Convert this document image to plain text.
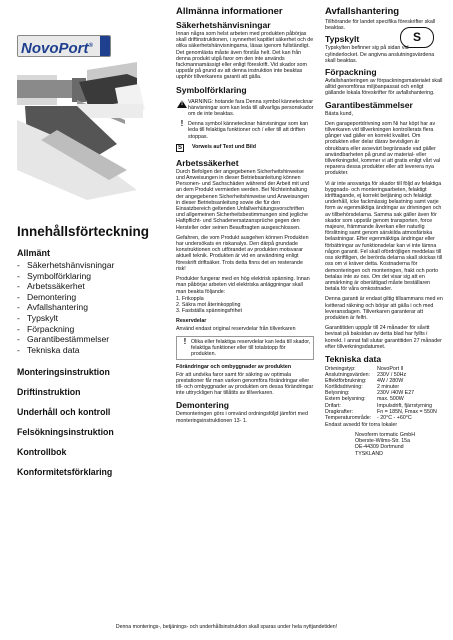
NovoPort®
Innehållsförteckning
Allmänt
- Säkerhetshänvisningar
- Symbolförklaring
- Arbetssäkerhet
- Demontering
- Avfallshantering
- Typskylt
- Förpackning
- Garantibestämmelser
- Tekniska data
Monteringsinstruktion
Driftinstruktion
Underhåll och kontroll
Felsökningsinstruktion
Kontrollbok
Konformitetsförklaring
Allmänna informationer
Säkerhetshänvisningar
Innan några som helst arbeten med produkten påbörjas skall driftinstruktionen, i synnerhet kapitlet säkerhet och de olika säkerhetshänvisningarna, läsas igenom fullständigt. Det genomlästa måste även förstås helt. Det kan från denna produkt utgå faror om den inte används fackmannamässigt eller enligt föreskrift. Vid skador som uppstår på grund av att denna instruktion inte beaktas upphör tillverkarens garanti att gälla.
Symbolförklaring
!
VARNING: hotande fara Denna symbol kännetecknar hänvisningar som kan leda till allvarliga personskador om de inte beaktas.
! Denna symbol kännetecknar hänvisningar som kan leda till felaktiga funktioner och / eller till att driften stoppas.
S	Vorweis auf Text und Bild
Arbetssäkerhet
Durch Befolgen der angegebenen Sicherheitshinweise und Anweisungen in dieser Betriebsanleitung können Personen- und Sachschäden während der Arbeit mit und an dem Produkt vermieden werden. Bei Nichteinhaltung der angegebenen Sicherheitshinweise und Anweisungen in dieser Betriebsanleitung sowie die für den Einsatzbereich geltenden Unfallverhütungsvorschriften und allgemeinen Sicherheitsbestimmungen sind jegliche Haftpflicht- und Schadenersatzansprüche gegen den Hersteller oder seinen Beauftragten ausgeschlossen.
Gefahren, die vom Produkt ausgehen können Produkten har undersökats en riskanalys. Den därpå grundade konstruktionen och utförandet av produkten motsvarar aktuell teknik. Produkten är vid en användning enligt föreskrift driftsäker. Trots detta finns det en resterande risk!
Produkter fungerar med en hög elektrisk spänning. Innan man påbörjar arbeten vid elektriska anläggningar skall man beakta följande:
1. Frikoppla
2. Säkra mot återinkoppling
3. Fastställa spänningsfrihet
Reservdelar
Använd endast original reservdelar från tillverkaren
! Olika eller felaktiga reservdelar kan leda till skador, felaktiga funktioner eller till totalstopp för produkten.
Förändringar och ombyggnader av produkten
För att undvika faror samt för säkring av optimala prestationer får man varken genomföra förändringar eller till- och ombyggnader av produkten om dessa förändringar inte uttryckligen har tillåtits av tillverkaren.
Demontering
Demonteringen görs i omvänd ordningsföljd jämfört med monteringsinstruktionen 13- 1.
Avfallshantering
Tillhörande för landet specifika föreskrifter skall beaktas.
Typskylt
Typskylten befinner sig på sidan vid cylinderlocket. De angivna anslutningsvärdena skall beaktas.
Förpackning
Avfallshanteringen av förpackningsmaterialet skall alltid genomföras miljöanpassat och enligt gällande lokala föreskrifter för avfallshantering.
Garantibestämmelser
Bästa kund,
Den garageportdrivning som Ni har köpt har av tillverkaren vid tillverkningen kontrollerats flera gånger vad gäller en korrekt kvalitet. Om produkten eller delar därav bevisligen är obrukbara eller avsevärt begränsade vad gäller användbarheten på grund av material- eller tillverkningsfel, kommer vi att gratis enligt vårt val reparera dessa produkter eller att leverera nya produkter.
Vi är inte ansvariga för skador till följd av felaktiga byggnads- och monteringsarbeten, felaktigt idrifttagande, ej korrekt betjäning och felaktigt underhåll, icke fackmässig belastning samt varje form av egenmäktiga ändringar av drivningen och av tillbehörsdelarna. Samma sak gäller även för skador som uppstår genom transporten, force majeure, främmande åverkan eller naturlig förslitning samt genom särskilda atmosfäriska belastningar. Efter egenmäktiga ändringar eller förbättringar av funktionsdelar kan vi inte lämna någon garanti. Fel skall ofördröjligen meddelas till oss skriftligen, de berörda delarna skall skickas till oss om vi kräver detta. Kostnaderna för demonteringen och monteringen, frakt och porto betalas inte av oss. Om det visar sig att en anmärkning är oberättigad måste beställaren betala för våra omkostnader.
Denna garanti är endast giltig tillsammans med en kvitterad räkning och börjar att gälla i och med leveransdagen. Tillverkaren garanterar att produkten är felfri.
Garantitiden uppgår till 24 månader för såvitt bevisat på baksidan av detta blad har fyllts i korrekt. I annat fall slutar garantitiden 27 månader efter tillverkningsdatumet.
Tekniska data
Drivningstyp:	NovoPort II
Anslutningsvärden:	230V / 50Hz
Effektförbrukning:	4W / 280W
Kortlidsdrivning:	2 minuter
Belysning:	230V /40W E27
Extern belysning:	max. 500W
Drifart:	Impulsdrift, fjärrstyrning
Dragkrafter:	Fn = 185N, Fmax = 550N
Temperaturområde:	- 20°C - +60°C
Endast avsedd för torra lokaler
Novoferm tormatic GmbH
Oberste-Wilms-Str. 15a
DE-44309 Dortmund
TYSKLAND
S
Denna monterings-, betjänings- och underhållsinstruktion skall sparas under hela nyttjandetiden!
